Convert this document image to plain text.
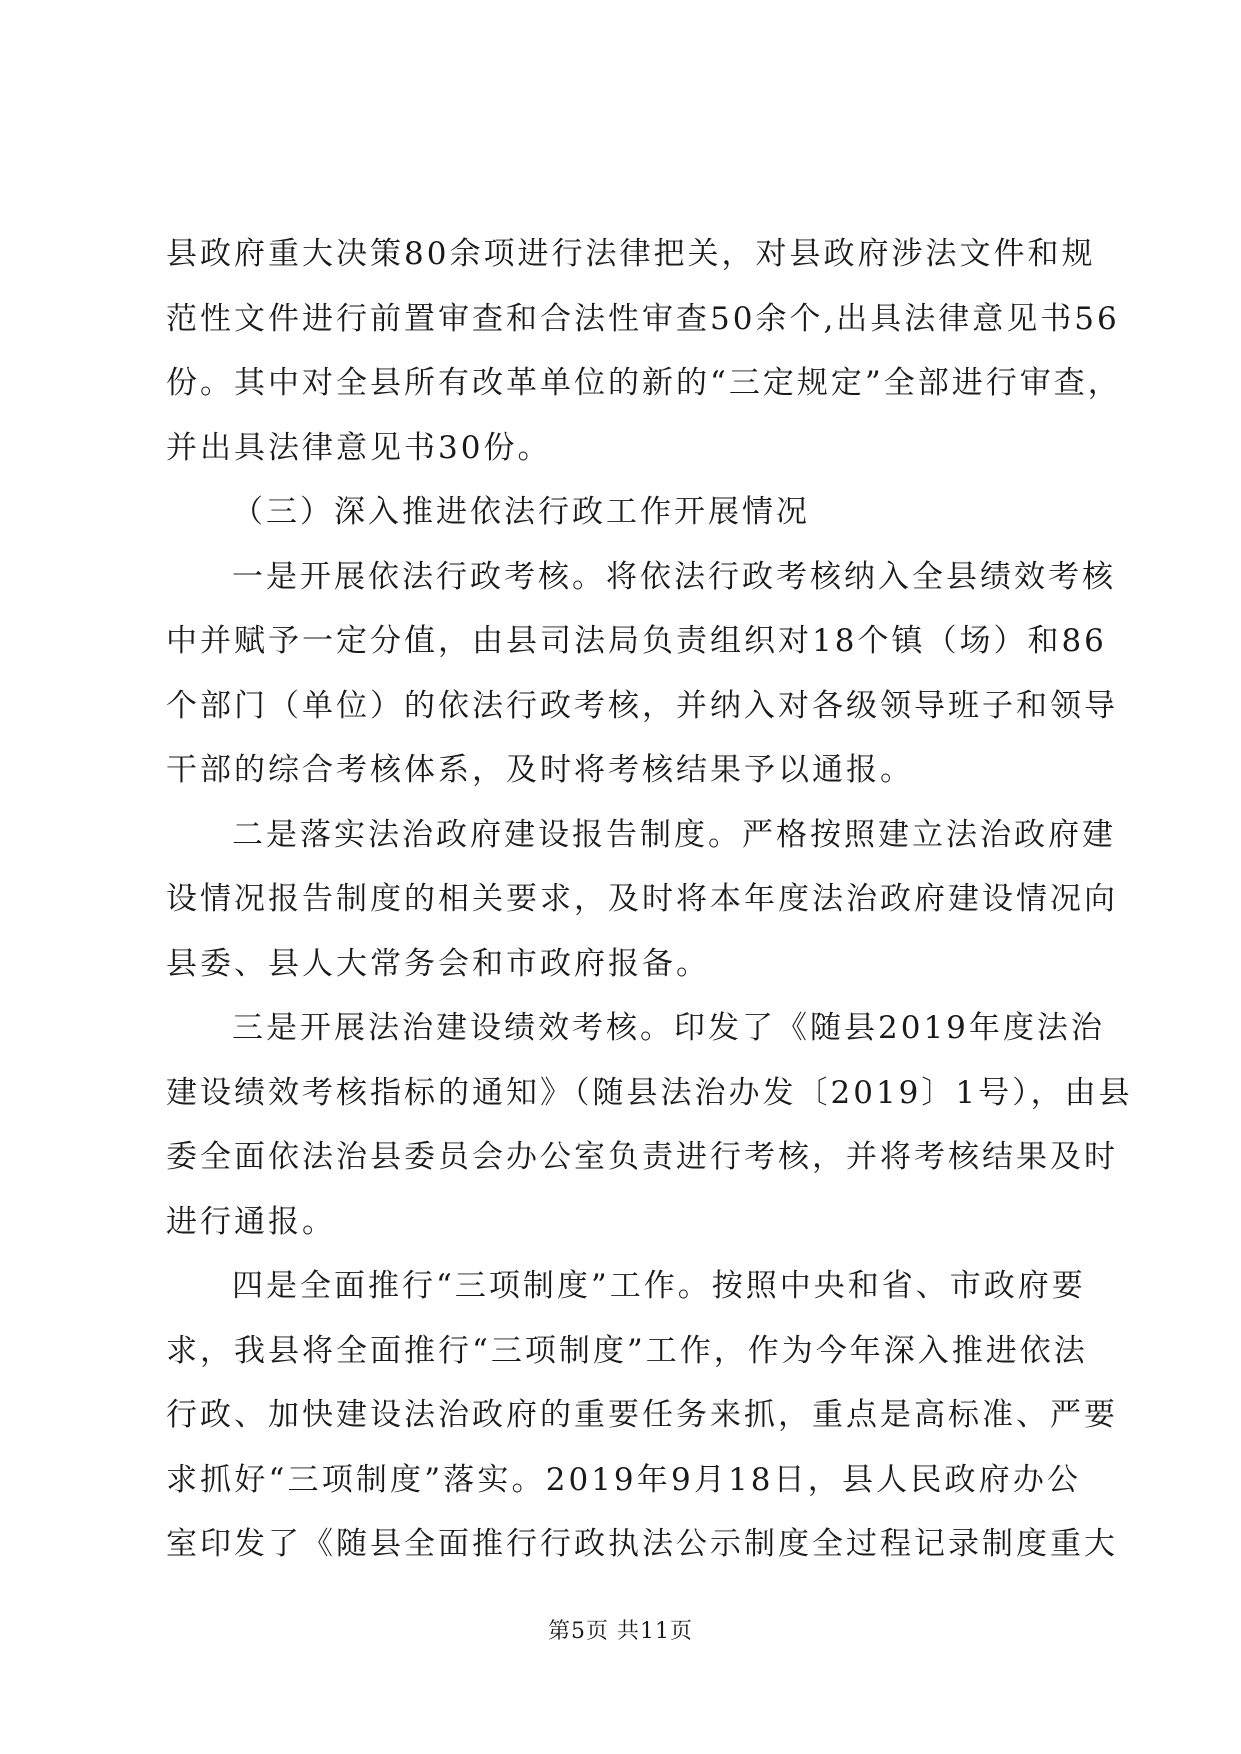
县政府重大决策80余项进行法律把关，对县政府涉法文件和规
范性文件进行前置审查和合法性审查50余个,出具法律意见书56
份。其中对全县所有改革单位的新的“三定规定”全部进行审查，
并出具法律意见书30份。
（三）深入推进依法行政工作开展情况
一是开展依法行政考核。将依法行政考核纳入全县绩效考核
中并赋予一定分值，由县司法局负责组织对18个镇（场）和86
个部门（单位）的依法行政考核，并纳入对各级领导班子和领导
干部的综合考核体系，及时将考核结果予以通报。
二是落实法治政府建设报告制度。严格按照建立法治政府建
设情况报告制度的相关要求，及时将本年度法治政府建设情况向
县委、县人大常务会和市政府报备。
三是开展法治建设绩效考核。印发了《随县2019年度法治
建设绩效考核指标的通知》（随县法治办发〔2019〕1号），由县
委全面依法治县委员会办公室负责进行考核，并将考核结果及时
进行通报。
四是全面推行“三项制度”工作。按照中央和省、市政府要
求，我县将全面推行“三项制度”工作，作为今年深入推进依法
行政、加快建设法治政府的重要任务来抓，重点是高标准、严要
求抓好“三项制度”落实。2019年9月18日，县人民政府办公
室印发了《随县全面推行行政执法公示制度全过程记录制度重大
第5页 共11页
